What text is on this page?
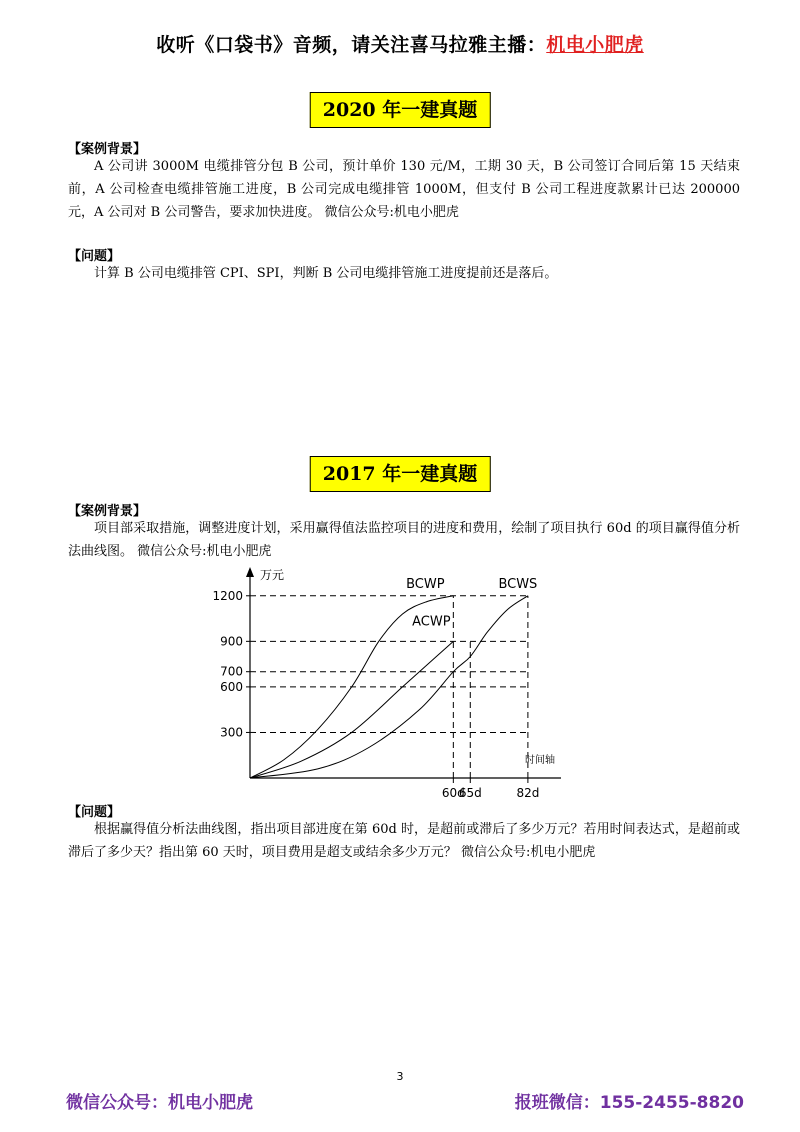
收听《口袋书》音频，请关注喜马拉雅主播：机电小肥虎
2020 年一建真题
【案例背景】

A 公司讲 3000M 电缆排管分包 B 公司，预计单价 130 元/M，工期 30 天，B 公司签订合同后第 15 天结束前，A 公司检查电缆排管施工进度，B 公司完成电缆排管 1000M，但支付 B 公司工程进度款累计已达 200000 元，A 公司对 B 公司警告，要求加快进度。 微信公众号:机电小肥虎

【问题】

计算 B 公司电缆排管 CPI、SPI，判断 B 公司电缆排管施工进度提前还是落后。

2017 年一建真题
【案例背景】

项目部采取措施，调整进度计划，采用赢得值法监控项目的进度和费用，绘制了项目执行 60d 的项目赢得值分析法曲线图。 微信公众号:机电小肥虎

万元
时间轴
300
600
700
900
1200
60d
65d	82d
BCWP
ACWP
BCWS
【问题】

根据赢得值分析法曲线图，指出项目部进度在第 60d 时，是超前或滞后了多少万元？若用时间表达式，是超前或滞后了多少天？指出第 60 天时，项目费用是超支或结余多少万元？ 微信公众号:机电小肥虎

3
微信公众号：机电小肥虎	报班微信：155-2455-8820
